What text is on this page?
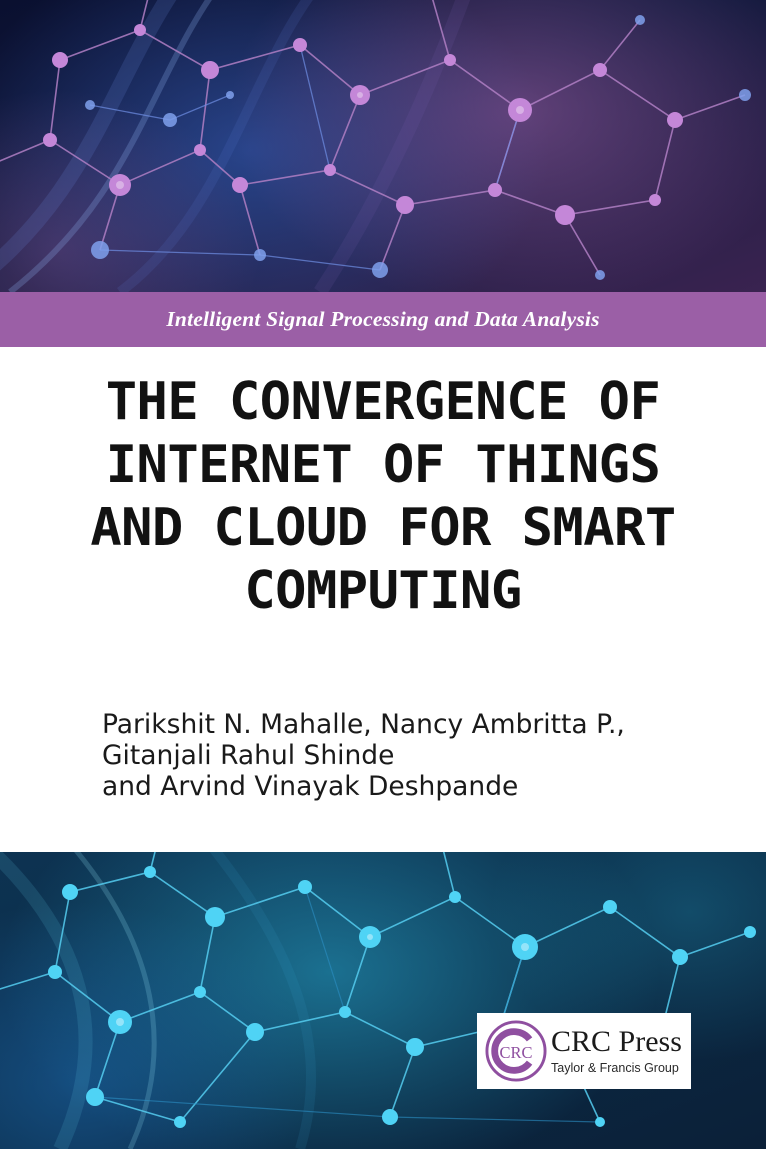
Intelligent Signal Processing and Data Analysis
THE CONVERGENCE OF INTERNET OF THINGS AND CLOUD FOR SMART COMPUTING
Parikshit N. Mahalle, Nancy Ambritta P.,
Gitanjali Rahul Shinde
and Arvind Vinayak Deshpande
CRC CRC Press
Taylor & Francis Group
